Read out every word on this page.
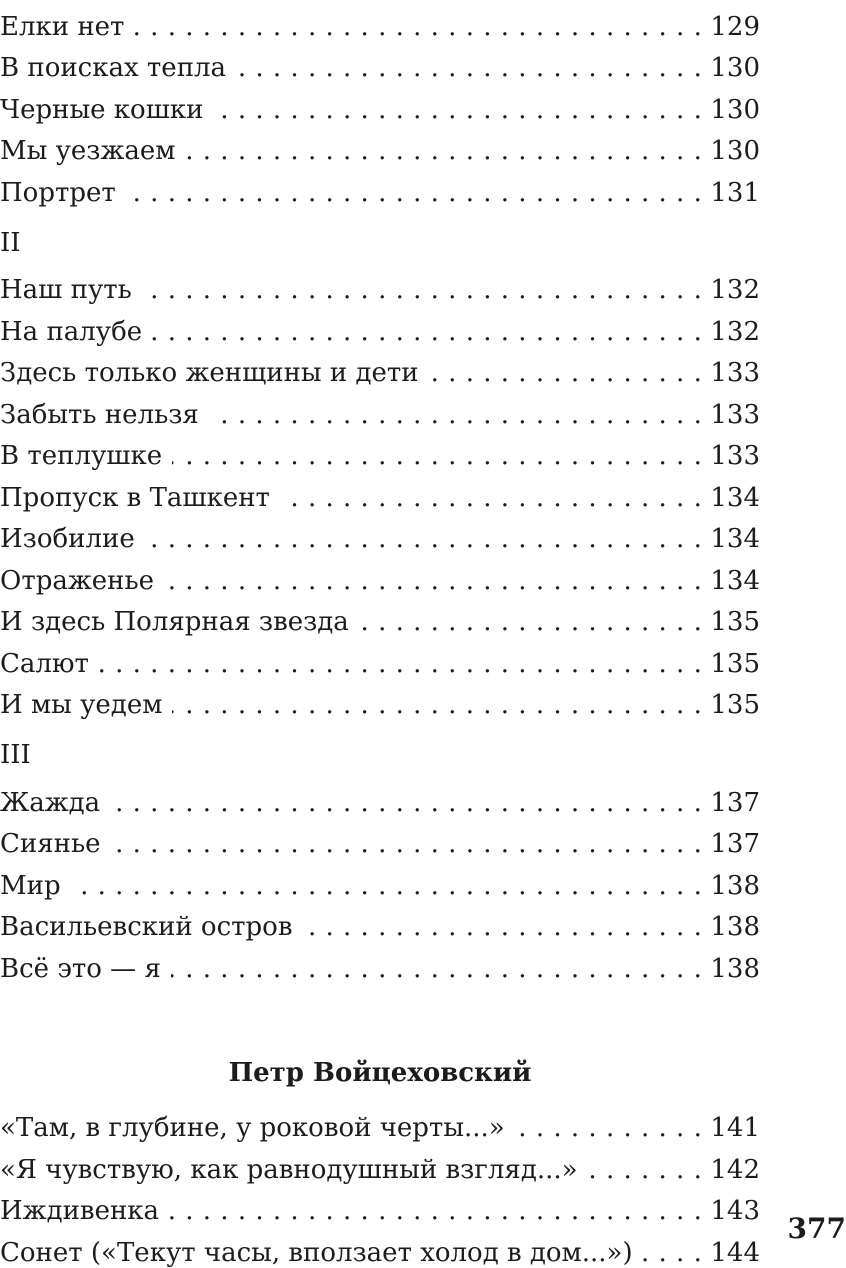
Елки нет . . .	129
В поисках тепла . . .	130
Черные кошки . . .	130
Мы уезжаем . . .	130
Портрет . . .	131
II
Наш путь . . .	132
На палубе . . .	132
Здесь только женщины и дети . . .	133
Забыть нельзя . . .	133
В теплушке . . .	133
Пропуск в Ташкент . . .	134
Изобилие . . .	134
Отраженье . . .	134
И здесь Полярная звезда . . .	135
Салют . . .	135
И мы уедем . . .	135
III
Жажда . . .	137
Сиянье . . .	137
Мир . . .	138
Васильевский остров . . .	138
Всё это — я . . .	138
Петр Войцеховский
«Там, в глубине, у роковой черты...» . . .	141
«Я чувствую, как равнодушный взгляд...» . . .	142
Иждивенка . . .	143
Сонет («Текут часы, вползает холод в дом...») . . .	144
377
